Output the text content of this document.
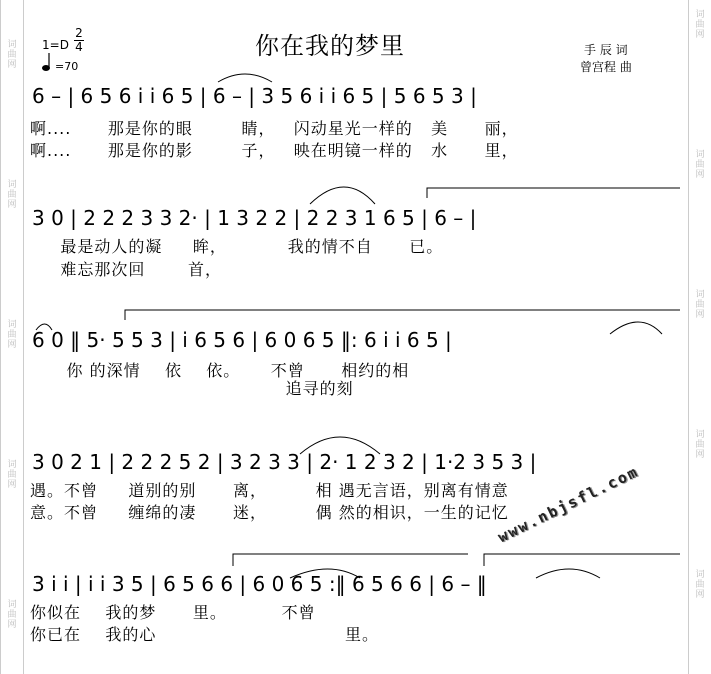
词曲网
词曲网
词曲网
词曲网
词曲网
词曲网
词曲网
词曲网
词曲网
词曲网
你在我的梦里
1=D
2
4
=70
手 辰 词
曾宫程 曲
6 – | 6 5 6 i i 6 5 | 6 – | 3 5 6 i i 6 5 | 5 6 5 3 |
啊....      那是你的眼        睛，   闪动星光一样的   美      丽，
啊....      那是你的影        子，   映在明镜一样的   水      里，
3 0 | 2 2 2 3 3 2· | 1 3 2 2 | 2 2 3 1 6 5 | 6 – |
最是动人的凝     眸，          我的情不自      已。
难忘那次回       首，
6 0 ‖ 5· 5 5 3 | i 6 5 6 | 6 0 6 5 ‖: 6 i i 6 5 |
你 的深情    依    依。     不曾      相约的相
追寻的刻
3 0 2 1 | 2 2 2 5 2 | 3 2 3 3 | 2· 1 2 3 2 | 1·2 3 5 3 |
遇。不曾     道别的别      离，        相 遇无言语，别离有情意
意。不曾     缠绵的凄      迷，        偶 然的相识，一生的记忆
3 i i | i i 3 5 | 6 5 6 6 | 6 0 6 5 :‖ 6 5 6 6 | 6 – ‖
你似在    我的梦      里。         不曾
你已在    我的心                               里。
www.nbjsfl.com
